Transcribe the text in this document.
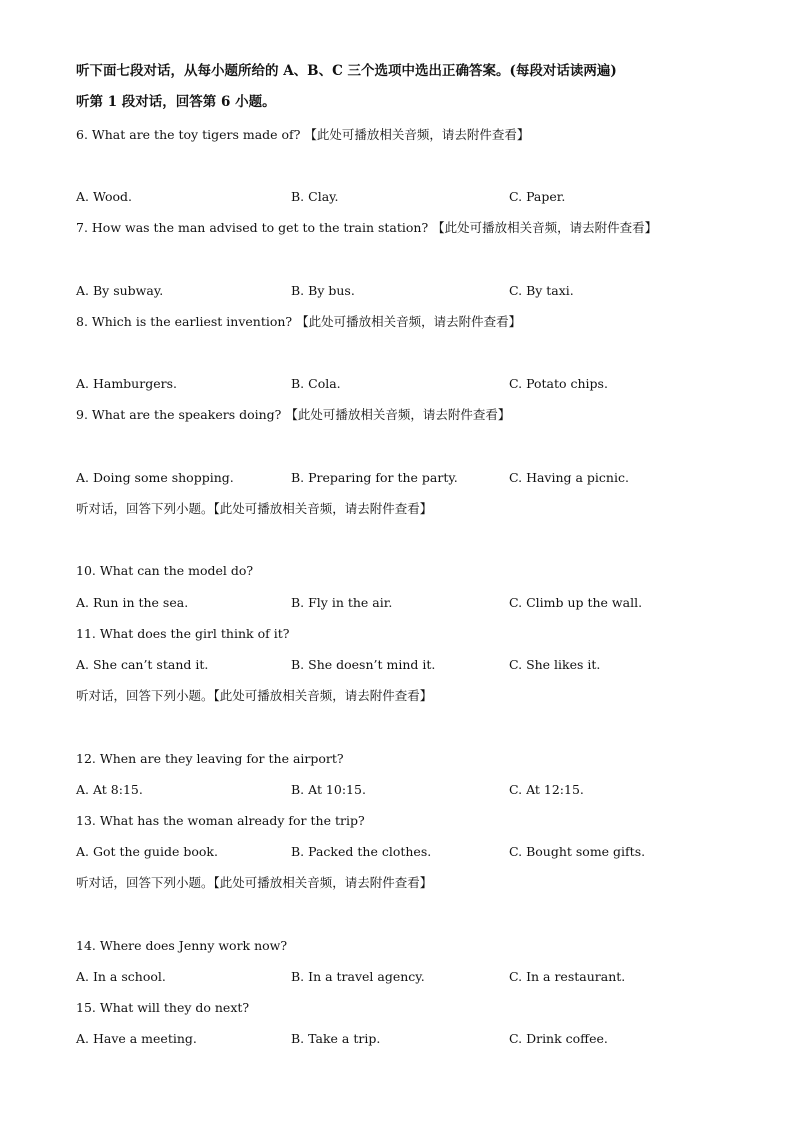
听下面七段对话，从每小题所给的 A、B、C 三个选项中选出正确答案。(每段对话读两遍)
听第 1 段对话，回答第 6 小题。
6. What are the toy tigers made of? 【此处可播放相关音频，请去附件查看】
A. Wood.	B. Clay.	C. Paper.
7. How was the man advised to get to the train station? 【此处可播放相关音频，请去附件查看】
A. By subway.	B. By bus.	C. By taxi.
8. Which is the earliest invention? 【此处可播放相关音频，请去附件查看】
A. Hamburgers.	B. Cola.	C. Potato chips.
9. What are the speakers doing? 【此处可播放相关音频，请去附件查看】
A. Doing some shopping.	B. Preparing for the party.	C. Having a picnic.
听对话，回答下列小题。【此处可播放相关音频，请去附件查看】
10. What can the model do?
A. Run in the sea.	B. Fly in the air.	C. Climb up the wall.
11. What does the girl think of it?
A. She can’t stand it.	B. She doesn’t mind it.	C. She likes it.
听对话，回答下列小题。【此处可播放相关音频，请去附件查看】
12. When are they leaving for the airport?
A. At 8:15.	B. At 10:15.	C. At 12:15.
13. What has the woman already for the trip?
A. Got the guide book.	B. Packed the clothes.	C. Bought some gifts.
听对话，回答下列小题。【此处可播放相关音频，请去附件查看】
14. Where does Jenny work now?
A. In a school.	B. In a travel agency.	C. In a restaurant.
15. What will they do next?
A. Have a meeting.	B. Take a trip.	C. Drink coffee.
